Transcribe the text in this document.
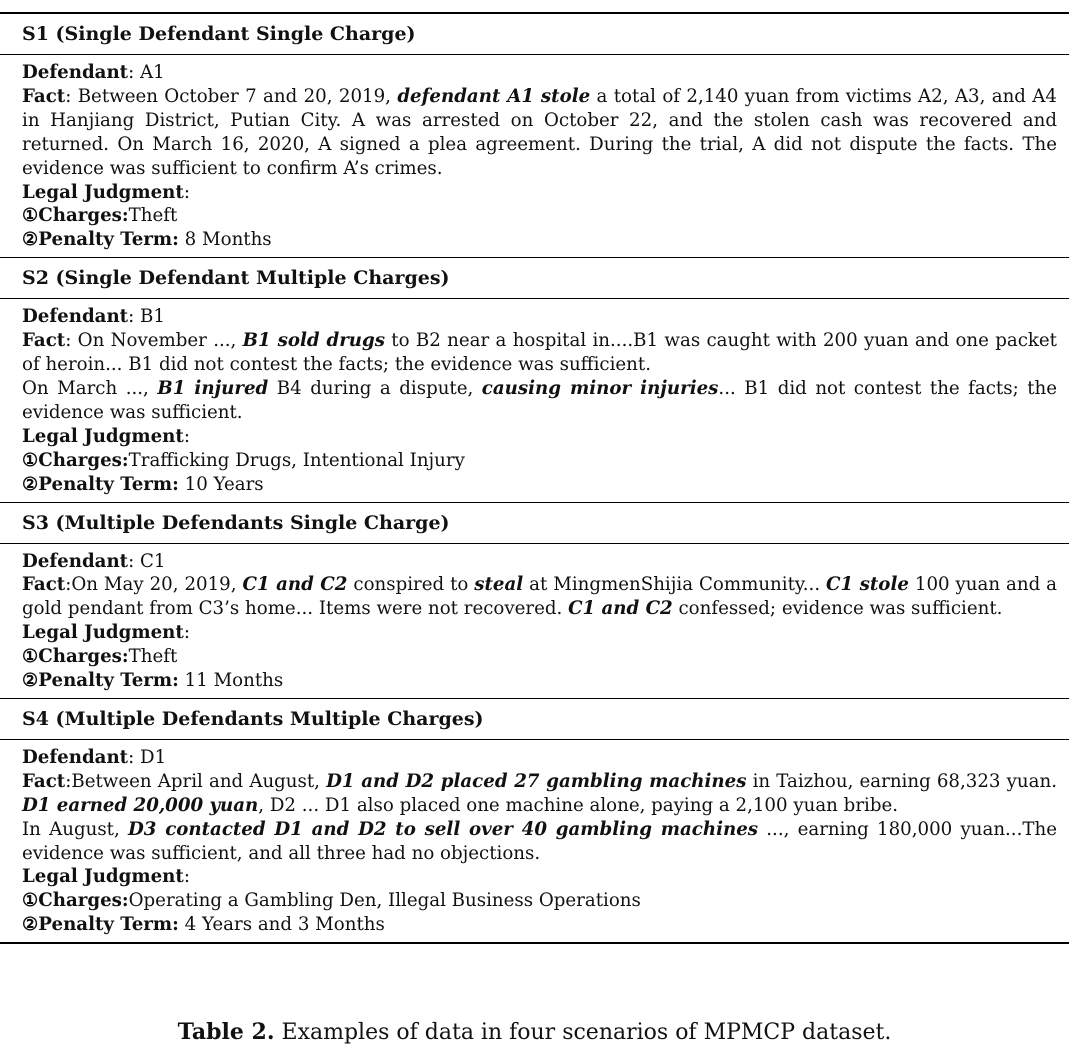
S1 (Single Defendant Single Charge)
Defendant: A1
Fact: Between October 7 and 20, 2019, defendant A1 stole a total of 2,140 yuan from victims A2, A3, and A4 in Hanjiang District, Putian City. A was arrested on October 22, and the stolen cash was recovered and returned. On March 16, 2020, A signed a plea agreement. During the trial, A did not dispute the facts. The evidence was sufficient to confirm A’s crimes.
Legal Judgment:
①Charges:Theft
②Penalty Term: 8 Months
S2 (Single Defendant Multiple Charges)
Defendant: B1
Fact: On November ..., B1 sold drugs to B2 near a hospital in....B1 was caught with 200 yuan and one packet of heroin... B1 did not contest the facts; the evidence was sufficient.
On March ..., B1 injured B4 during a dispute, causing minor injuries... B1 did not contest the facts; the evidence was sufficient.
Legal Judgment:
①Charges:Trafficking Drugs, Intentional Injury
②Penalty Term: 10 Years
S3 (Multiple Defendants Single Charge)
Defendant: C1
Fact:On May 20, 2019, C1 and C2 conspired to steal at MingmenShijia Community... C1 stole 100 yuan and a gold pendant from C3’s home... Items were not recovered. C1 and C2 confessed; evidence was sufficient.
Legal Judgment:
①Charges:Theft
②Penalty Term: 11 Months
S4 (Multiple Defendants Multiple Charges)
Defendant: D1
Fact:Between April and August, D1 and D2 placed 27 gambling machines in Taizhou, earning 68,323 yuan. D1 earned 20,000 yuan, D2 ... D1 also placed one machine alone, paying a 2,100 yuan bribe.
In August, D3 contacted D1 and D2 to sell over 40 gambling machines ..., earning 180,000 yuan...The evidence was sufficient, and all three had no objections.
Legal Judgment:
①Charges:Operating a Gambling Den, Illegal Business Operations
②Penalty Term: 4 Years and 3 Months
Table 2. Examples of data in four scenarios of MPMCP dataset.
